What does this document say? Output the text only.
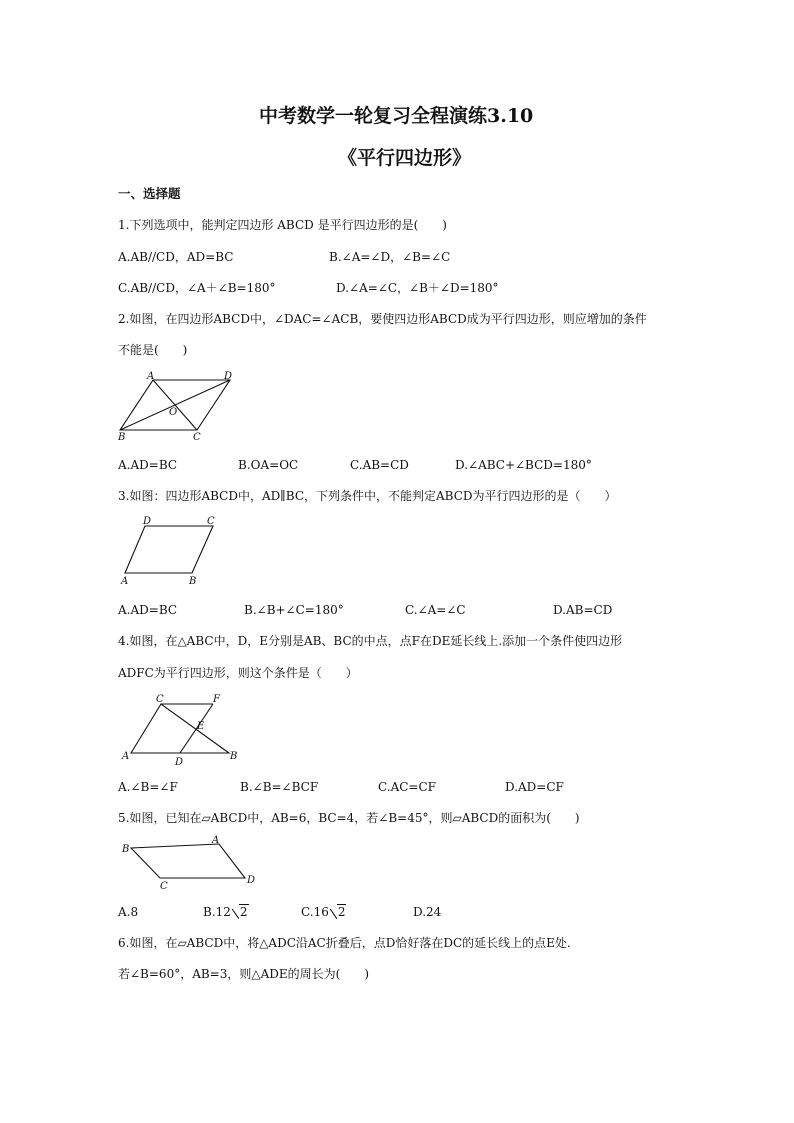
中考数学一轮复习全程演练3.10
《平行四边形》
一、选择题
1.下列选项中，能判定四边形 ABCD 是平行四边形的是(　　)
A.AB//CD，AD=BC	B.∠A=∠D，∠B=∠C
C.AB//CD，∠A＋∠B=180°	D.∠A=∠C，∠B＋∠D=180°
2.如图，在四边形ABCD中，∠DAC=∠ACB，要使四边形ABCD成为平行四边形，则应增加的条件
不能是(　　)
A	D
O
B	C
A.AD=BC	B.OA=OC	C.AB=CD	D.∠ABC+∠BCD=180°
3.如图：四边形ABCD中，AD∥BC，下列条件中，不能判定ABCD为平行四边形的是（　　）
D	C
A	B
A.AD=BC	B.∠B+∠C=180°	C.∠A=∠C	D.AB=CD
4.如图，在△ABC中，D，E分别是AB、BC的中点，点F在DE延长线上.添加一个条件使四边形
ADFC为平行四边形，则这个条件是（　　）
C	F
E
A
D
B
A.∠B=∠F	B.∠B=∠BCF	C.AC=CF	D.AD=CF
5.如图，已知在▱ABCD中，AB=6，BC=4，若∠B=45°，则▱ABCD的面积为(　　)
B
A
C
D
A.8	B.12 2	C.16 2	D.24
6.如图，在▱ABCD中，将△ADC沿AC折叠后，点D恰好落在DC的延长线上的点E处.
若∠B=60°，AB=3，则△ADE的周长为(　　)
